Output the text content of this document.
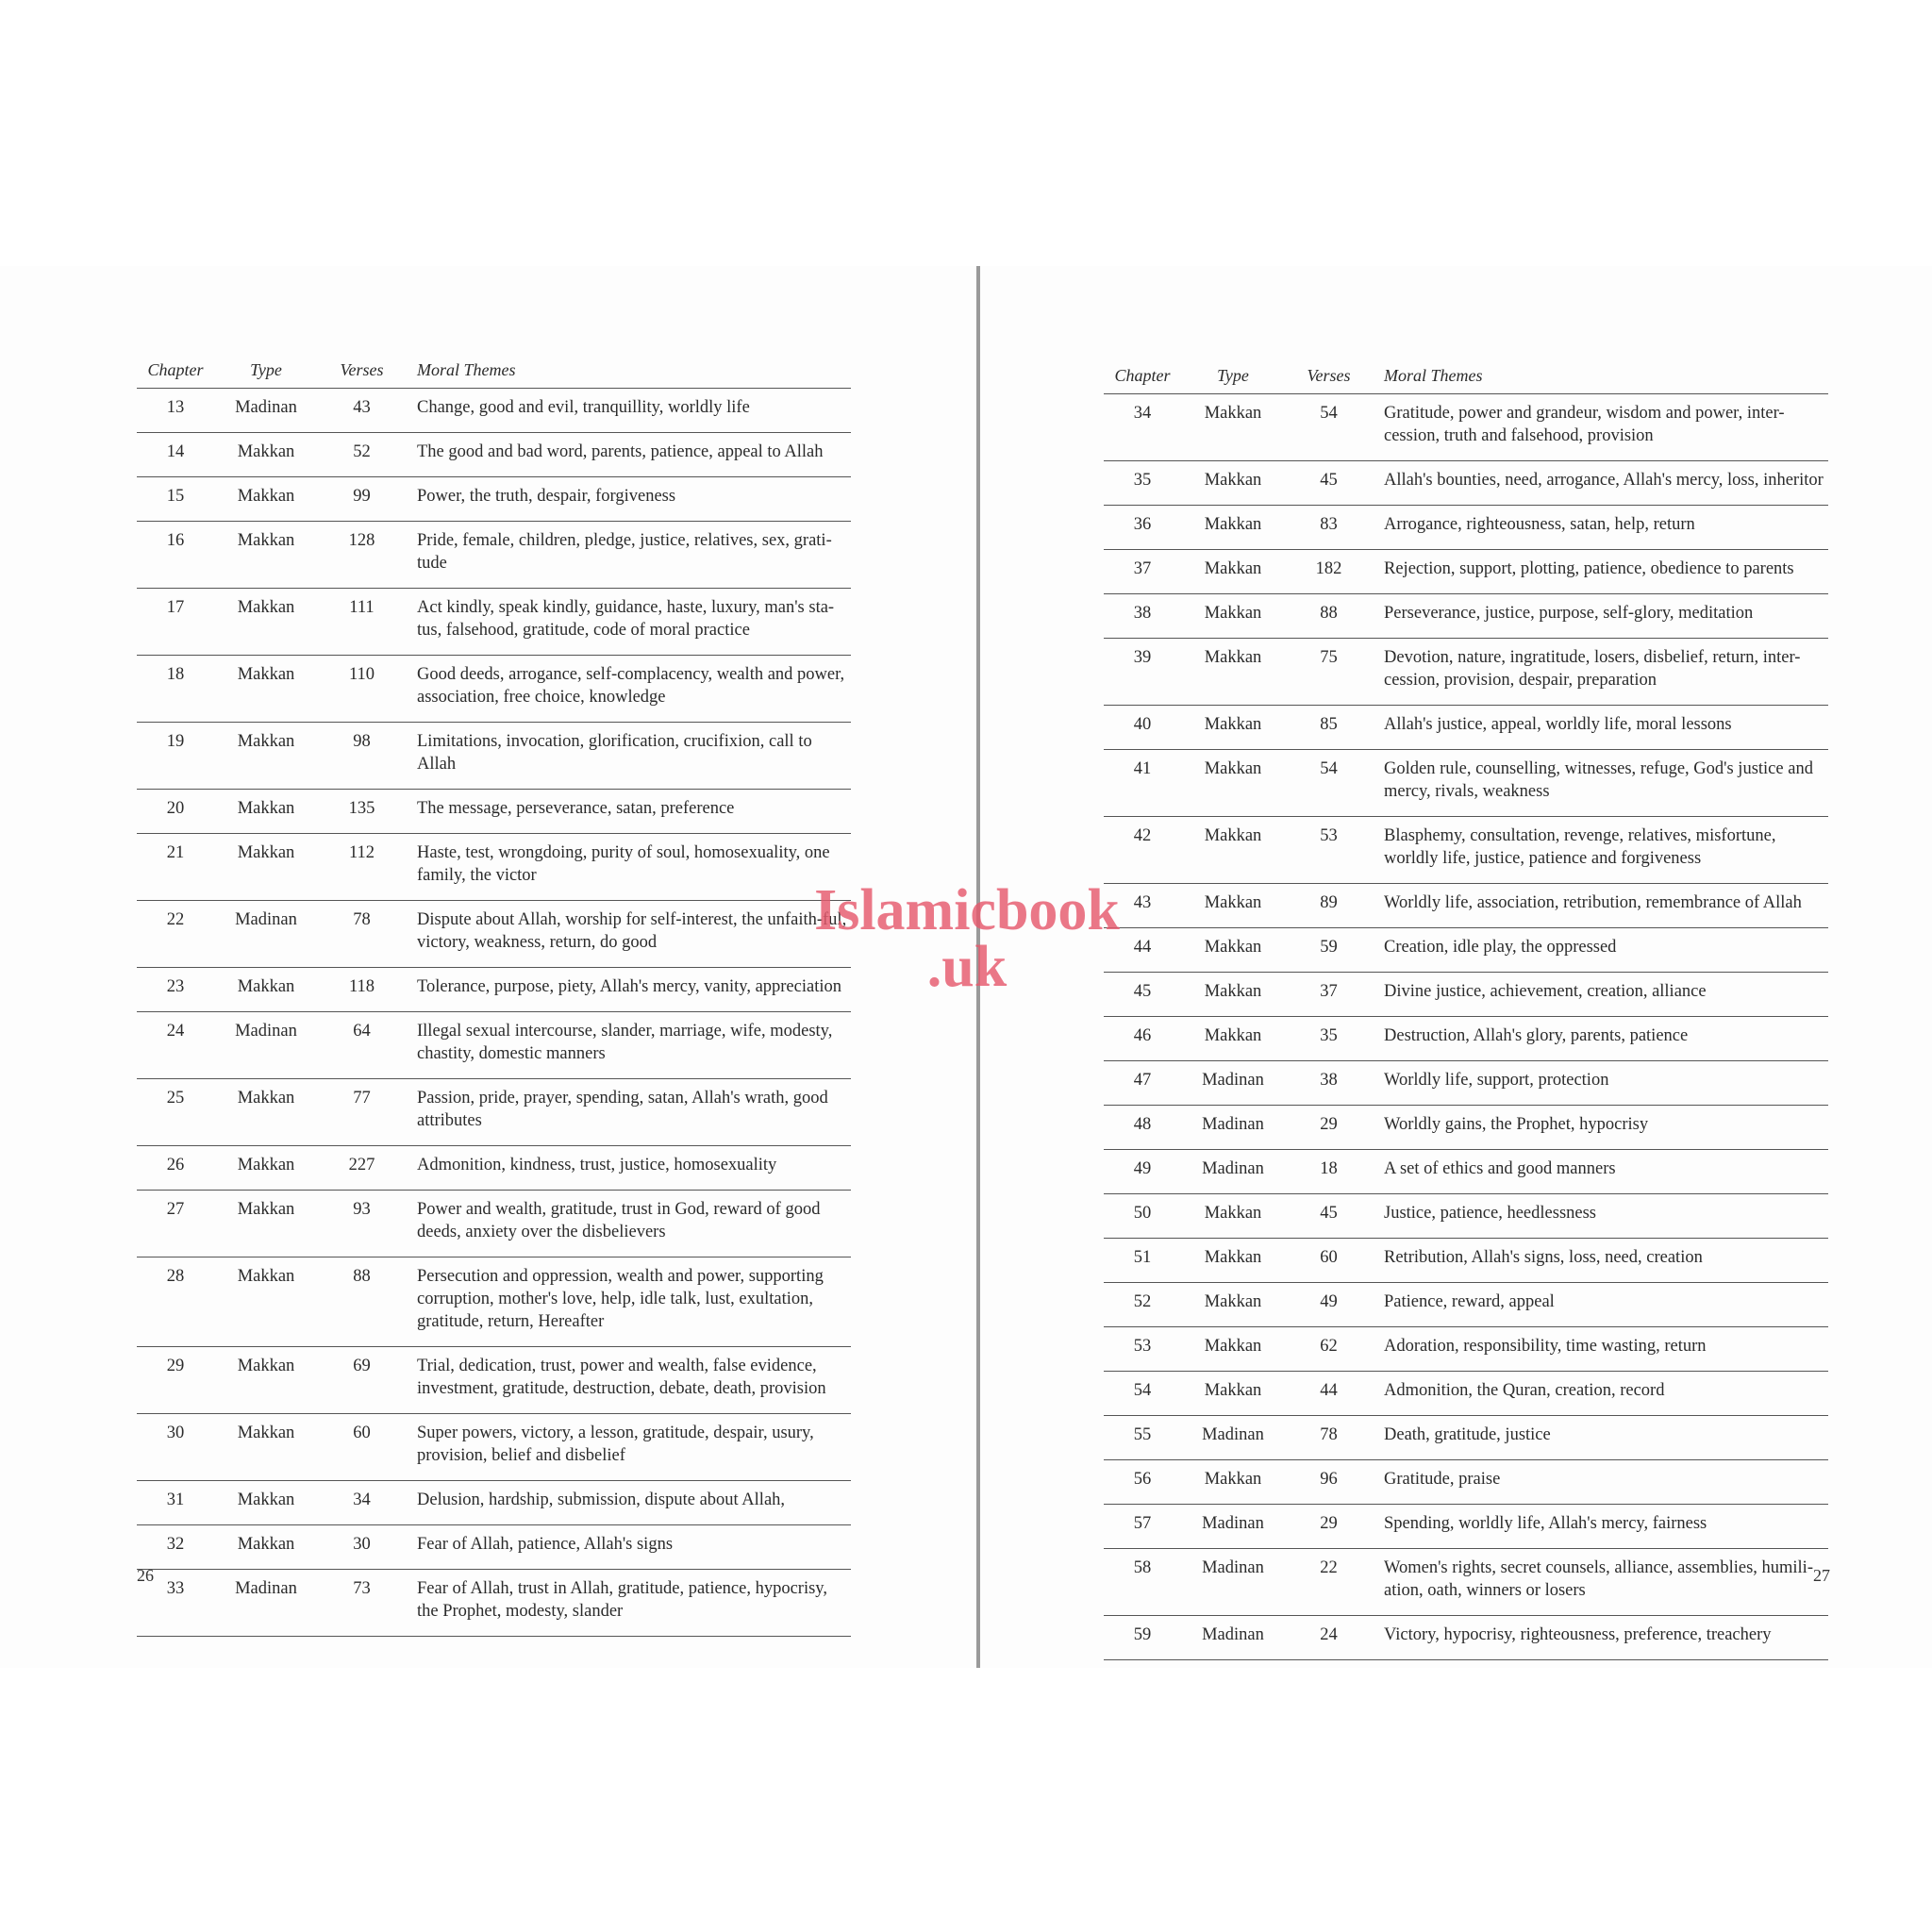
Chapter	Type	Verses	Moral Themes
13	Madinan	43	Change, good and evil, tranquillity, worldly life
14	Makkan	52	The good and bad word, parents, patience, appeal to Allah
15	Makkan	99	Power, the truth, despair, forgiveness
16	Makkan	128	Pride, female, children, pledge, justice, relatives, sex, grati-tude
17	Makkan	111	Act kindly, speak kindly, guidance, haste, luxury, man's sta-tus, falsehood, gratitude, code of moral practice
18	Makkan	110	Good deeds, arrogance, self-complacency, wealth and power, association, free choice, knowledge
19	Makkan	98	Limitations, invocation, glorification, crucifixion, call to Allah
20	Makkan	135	The message, perseverance, satan, preference
21	Makkan	112	Haste, test, wrongdoing, purity of soul, homosexuality, one family, the victor
22	Madinan	78	Dispute about Allah, worship for self-interest, the unfaith-ful, victory, weakness, return, do good
23	Makkan	118	Tolerance, purpose, piety, Allah's mercy, vanity, appreciation
24	Madinan	64	Illegal sexual intercourse, slander, marriage, wife, modesty, chastity, domestic manners
25	Makkan	77	Passion, pride, prayer, spending, satan, Allah's wrath, good attributes
26	Makkan	227	Admonition, kindness, trust, justice, homosexuality
27	Makkan	93	Power and wealth, gratitude, trust in God, reward of good deeds, anxiety over the disbelievers
28	Makkan	88	Persecution and oppression, wealth and power, supporting corruption, mother's love, help, idle talk, lust, exultation, gratitude, return, Hereafter
29	Makkan	69	Trial, dedication, trust, power and wealth, false evidence, investment, gratitude, destruction, debate, death, provision
30	Makkan	60	Super powers, victory, a lesson, gratitude, despair, usury, provision, belief and disbelief
31	Makkan	34	Delusion, hardship, submission, dispute about Allah,
32	Makkan	30	Fear of Allah, patience, Allah's signs
33	Madinan	73	Fear of Allah, trust in Allah, gratitude, patience, hypocrisy, the Prophet, modesty, slander
Chapter	Type	Verses	Moral Themes
34	Makkan	54	Gratitude, power and grandeur, wisdom and power, inter-cession, truth and falsehood, provision
35	Makkan	45	Allah's bounties, need, arrogance, Allah's mercy, loss, inheritor
36	Makkan	83	Arrogance, righteousness, satan, help, return
37	Makkan	182	Rejection, support, plotting, patience, obedience to parents
38	Makkan	88	Perseverance, justice, purpose, self-glory, meditation
39	Makkan	75	Devotion, nature, ingratitude, losers, disbelief, return, inter-cession, provision, despair, preparation
40	Makkan	85	Allah's justice, appeal, worldly life, moral lessons
41	Makkan	54	Golden rule, counselling, witnesses, refuge, God's justice and mercy, rivals, weakness
42	Makkan	53	Blasphemy, consultation, revenge, relatives, misfortune, worldly life, justice, patience and forgiveness
43	Makkan	89	Worldly life, association, retribution, remembrance of Allah
44	Makkan	59	Creation, idle play, the oppressed
45	Makkan	37	Divine justice, achievement, creation, alliance
46	Makkan	35	Destruction, Allah's glory, parents, patience
47	Madinan	38	Worldly life, support, protection
48	Madinan	29	Worldly gains, the Prophet, hypocrisy
49	Madinan	18	A set of ethics and good manners
50	Makkan	45	Justice, patience, heedlessness
51	Makkan	60	Retribution, Allah's signs, loss, need, creation
52	Makkan	49	Patience, reward, appeal
53	Makkan	62	Adoration, responsibility, time wasting, return
54	Makkan	44	Admonition, the Quran, creation, record
55	Madinan	78	Death, gratitude, justice
56	Makkan	96	Gratitude, praise
57	Madinan	29	Spending, worldly life, Allah's mercy, fairness
58	Madinan	22	Women's rights, secret counsels, alliance, assemblies, humili-ation, oath, winners or losers
59	Madinan	24	Victory, hypocrisy, righteousness, preference, treachery
26	27
Islamicbook
.uk
